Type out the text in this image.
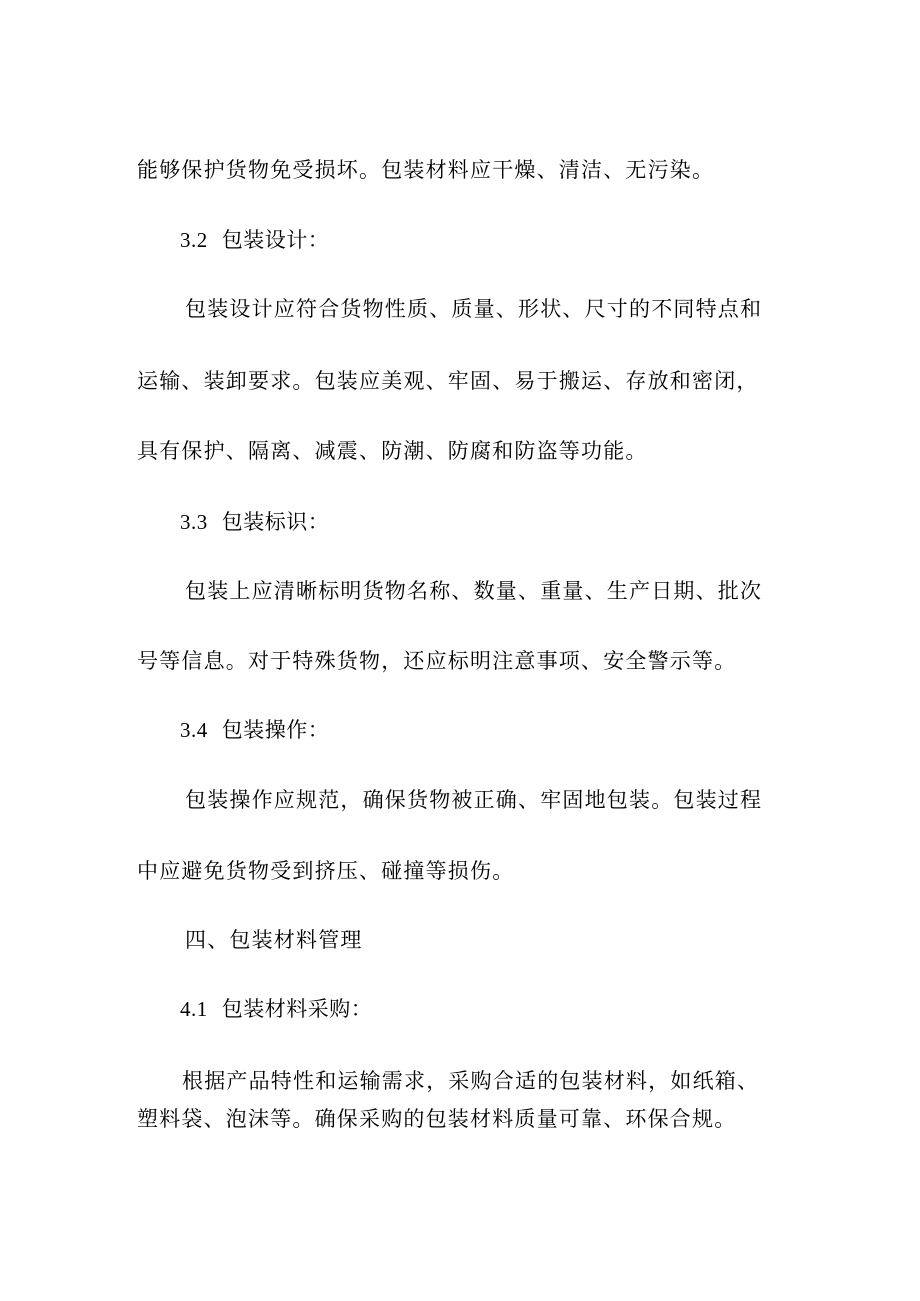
能够保护货物免受损坏。包装材料应干燥、清洁、无污染。
3.2 包装设计：
包装设计应符合货物性质、质量、形状、尺寸的不同特点和
运输、装卸要求。包装应美观、牢固、易于搬运、存放和密闭，
具有保护、隔离、减震、防潮、防腐和防盗等功能。
3.3 包装标识：
包装上应清晰标明货物名称、数量、重量、生产日期、批次
号等信息。对于特殊货物，还应标明注意事项、安全警示等。
3.4 包装操作：
包装操作应规范，确保货物被正确、牢固地包装。包装过程
中应避免货物受到挤压、碰撞等损伤。
四、包装材料管理
4.1 包装材料采购：
根据产品特性和运输需求，采购合适的包装材料，如纸箱、
塑料袋、泡沫等。确保采购的包装材料质量可靠、环保合规。
